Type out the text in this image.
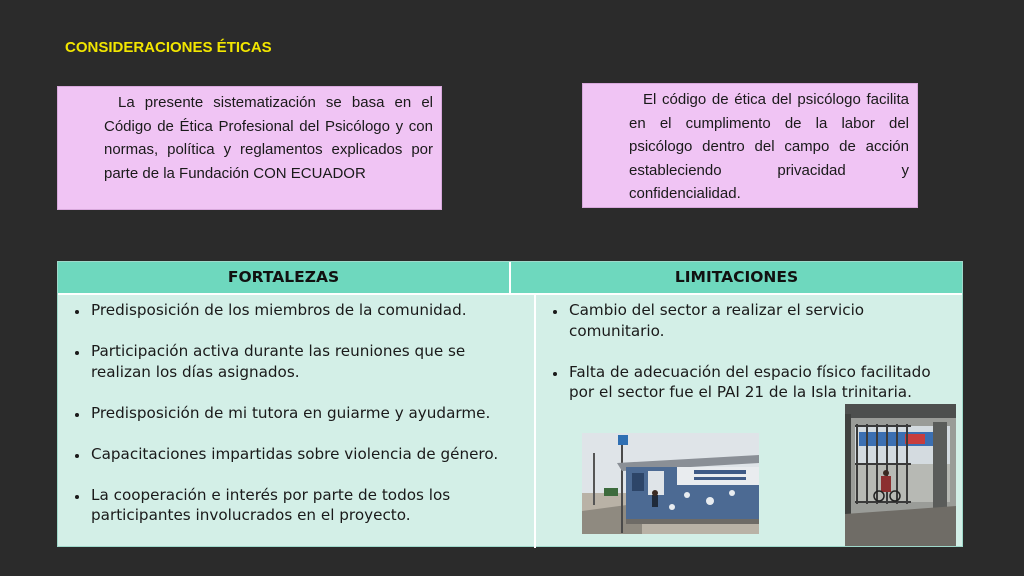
CONSIDERACIONES ÉTICAS
La presente sistematización se basa en el Código de Ética Profesional del Psicólogo y con normas, política y reglamentos explicados por parte de la Fundación CON ECUADOR
El código de ética del psicólogo facilita en el cumplimento de la labor del psicólogo dentro del campo de acción estableciendo privacidad y confidencialidad.
FORTALEZAS	LIMITACIONES
• Predisposición de los miembros de la comunidad.
• Participación activa durante las reuniones que se realizan los días asignados.
• Predisposición de mi tutora en guiarme y ayudarme.
• Capacitaciones impartidas sobre violencia de género.
• La cooperación e interés por parte de todos los participantes involucrados en el proyecto.
• Cambio del sector a realizar el servicio comunitario.
• Falta de adecuación del espacio físico facilitado por el sector fue el PAI 21 de la Isla trinitaria.
